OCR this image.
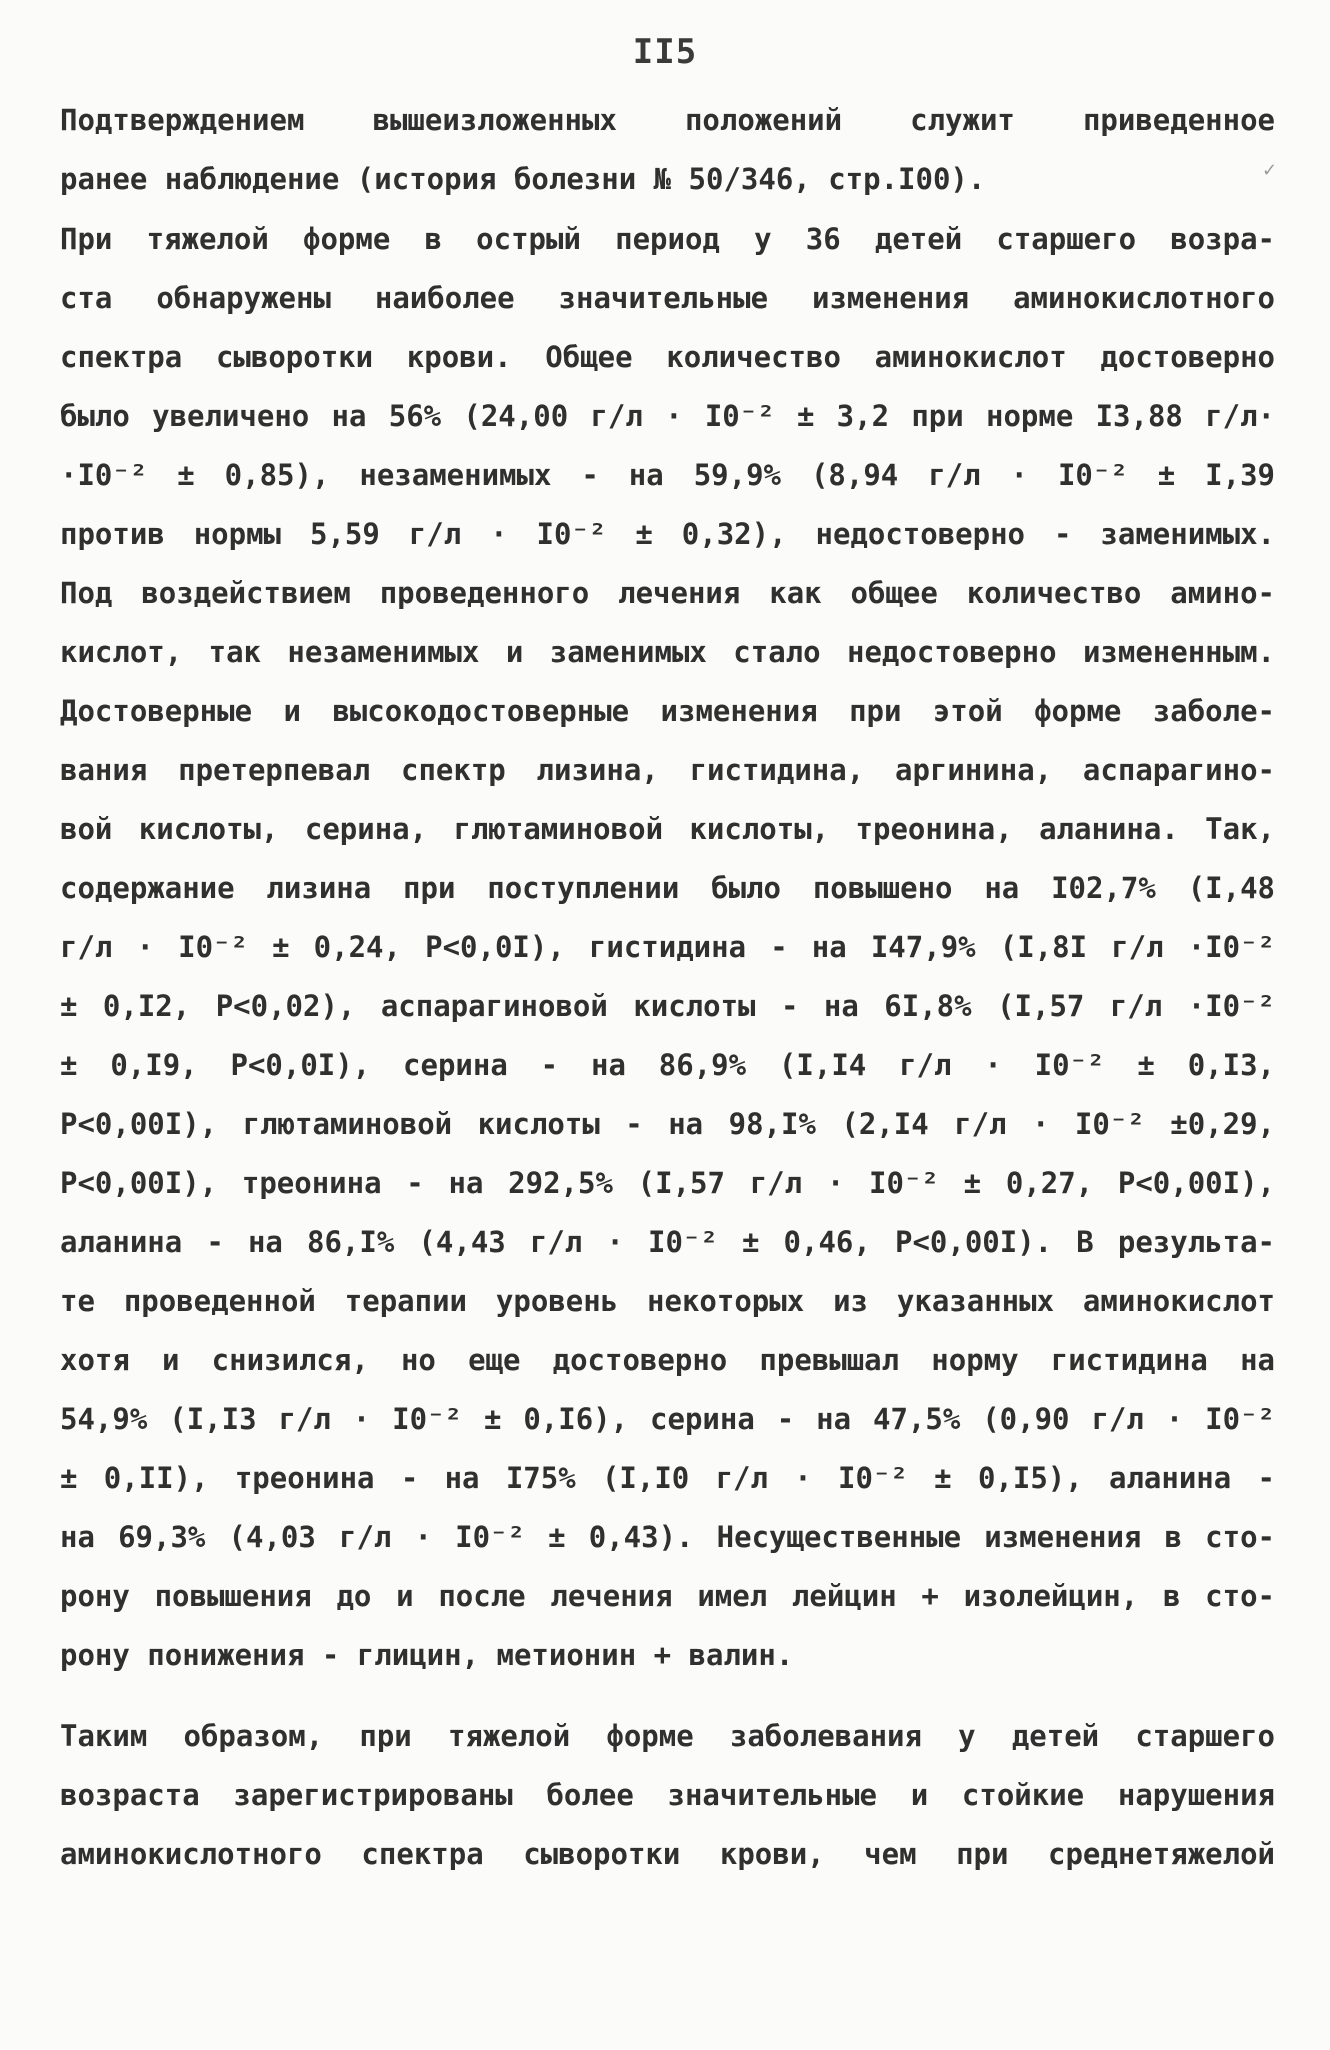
II5
✓
Подтверждением вышеизложенных положений служит приведенное
ранее наблюдение (история болезни № 50/346, стр.I00).
При тяжелой форме в острый период у 36 детей старшего возра-
ста обнаружены наиболее значительные изменения аминокислотного
спектра сыворотки крови. Общее количество аминокислот достоверно
было увеличено на 56% (24,00 г/л · I0⁻² ± 3,2 при норме I3,88 г/л·
·I0⁻² ± 0,85), незаменимых - на 59,9% (8,94 г/л · I0⁻² ± I,39
против нормы 5,59 г/л · I0⁻² ± 0,32), недостоверно - заменимых.
Под воздействием проведенного лечения как общее количество амино-
кислот, так незаменимых и заменимых стало недостоверно измененным.
Достоверные и высокодостоверные изменения при этой форме заболе-
вания претерпевал спектр лизина, гистидина, аргинина, аспарагино-
вой кислоты, серина, глютаминовой кислоты, треонина, аланина. Так,
содержание лизина при поступлении было повышено на I02,7% (I,48
г/л · I0⁻² ± 0,24, P<0,0I), гистидина - на I47,9% (I,8I г/л ·I0⁻²
± 0,I2, P<0,02), аспарагиновой кислоты - на 6I,8% (I,57 г/л ·I0⁻²
± 0,I9, P<0,0I), серина - на 86,9% (I,I4 г/л · I0⁻² ± 0,I3,
P<0,00I), глютаминовой кислоты - на 98,I% (2,I4 г/л · I0⁻² ±0,29,
P<0,00I), треонина - на 292,5% (I,57 г/л · I0⁻² ± 0,27, P<0,00I),
аланина - на 86,I% (4,43 г/л · I0⁻² ± 0,46, P<0,00I). В результа-
те проведенной терапии уровень некоторых из указанных аминокислот
хотя и снизился, но еще достоверно превышал норму гистидина на
54,9% (I,I3 г/л · I0⁻² ± 0,I6), серина - на 47,5% (0,90 г/л · I0⁻²
± 0,II), треонина - на I75% (I,I0 г/л · I0⁻² ± 0,I5), аланина -
на 69,3% (4,03 г/л · I0⁻² ± 0,43). Несущественные изменения в сто-
рону повышения до и после лечения имел лейцин + изолейцин, в сто-
рону понижения - глицин, метионин + валин.
Таким образом, при тяжелой форме заболевания у детей старшего
возраста зарегистрированы более значительные и стойкие нарушения
аминокислотного спектра сыворотки крови, чем при среднетяжелой
